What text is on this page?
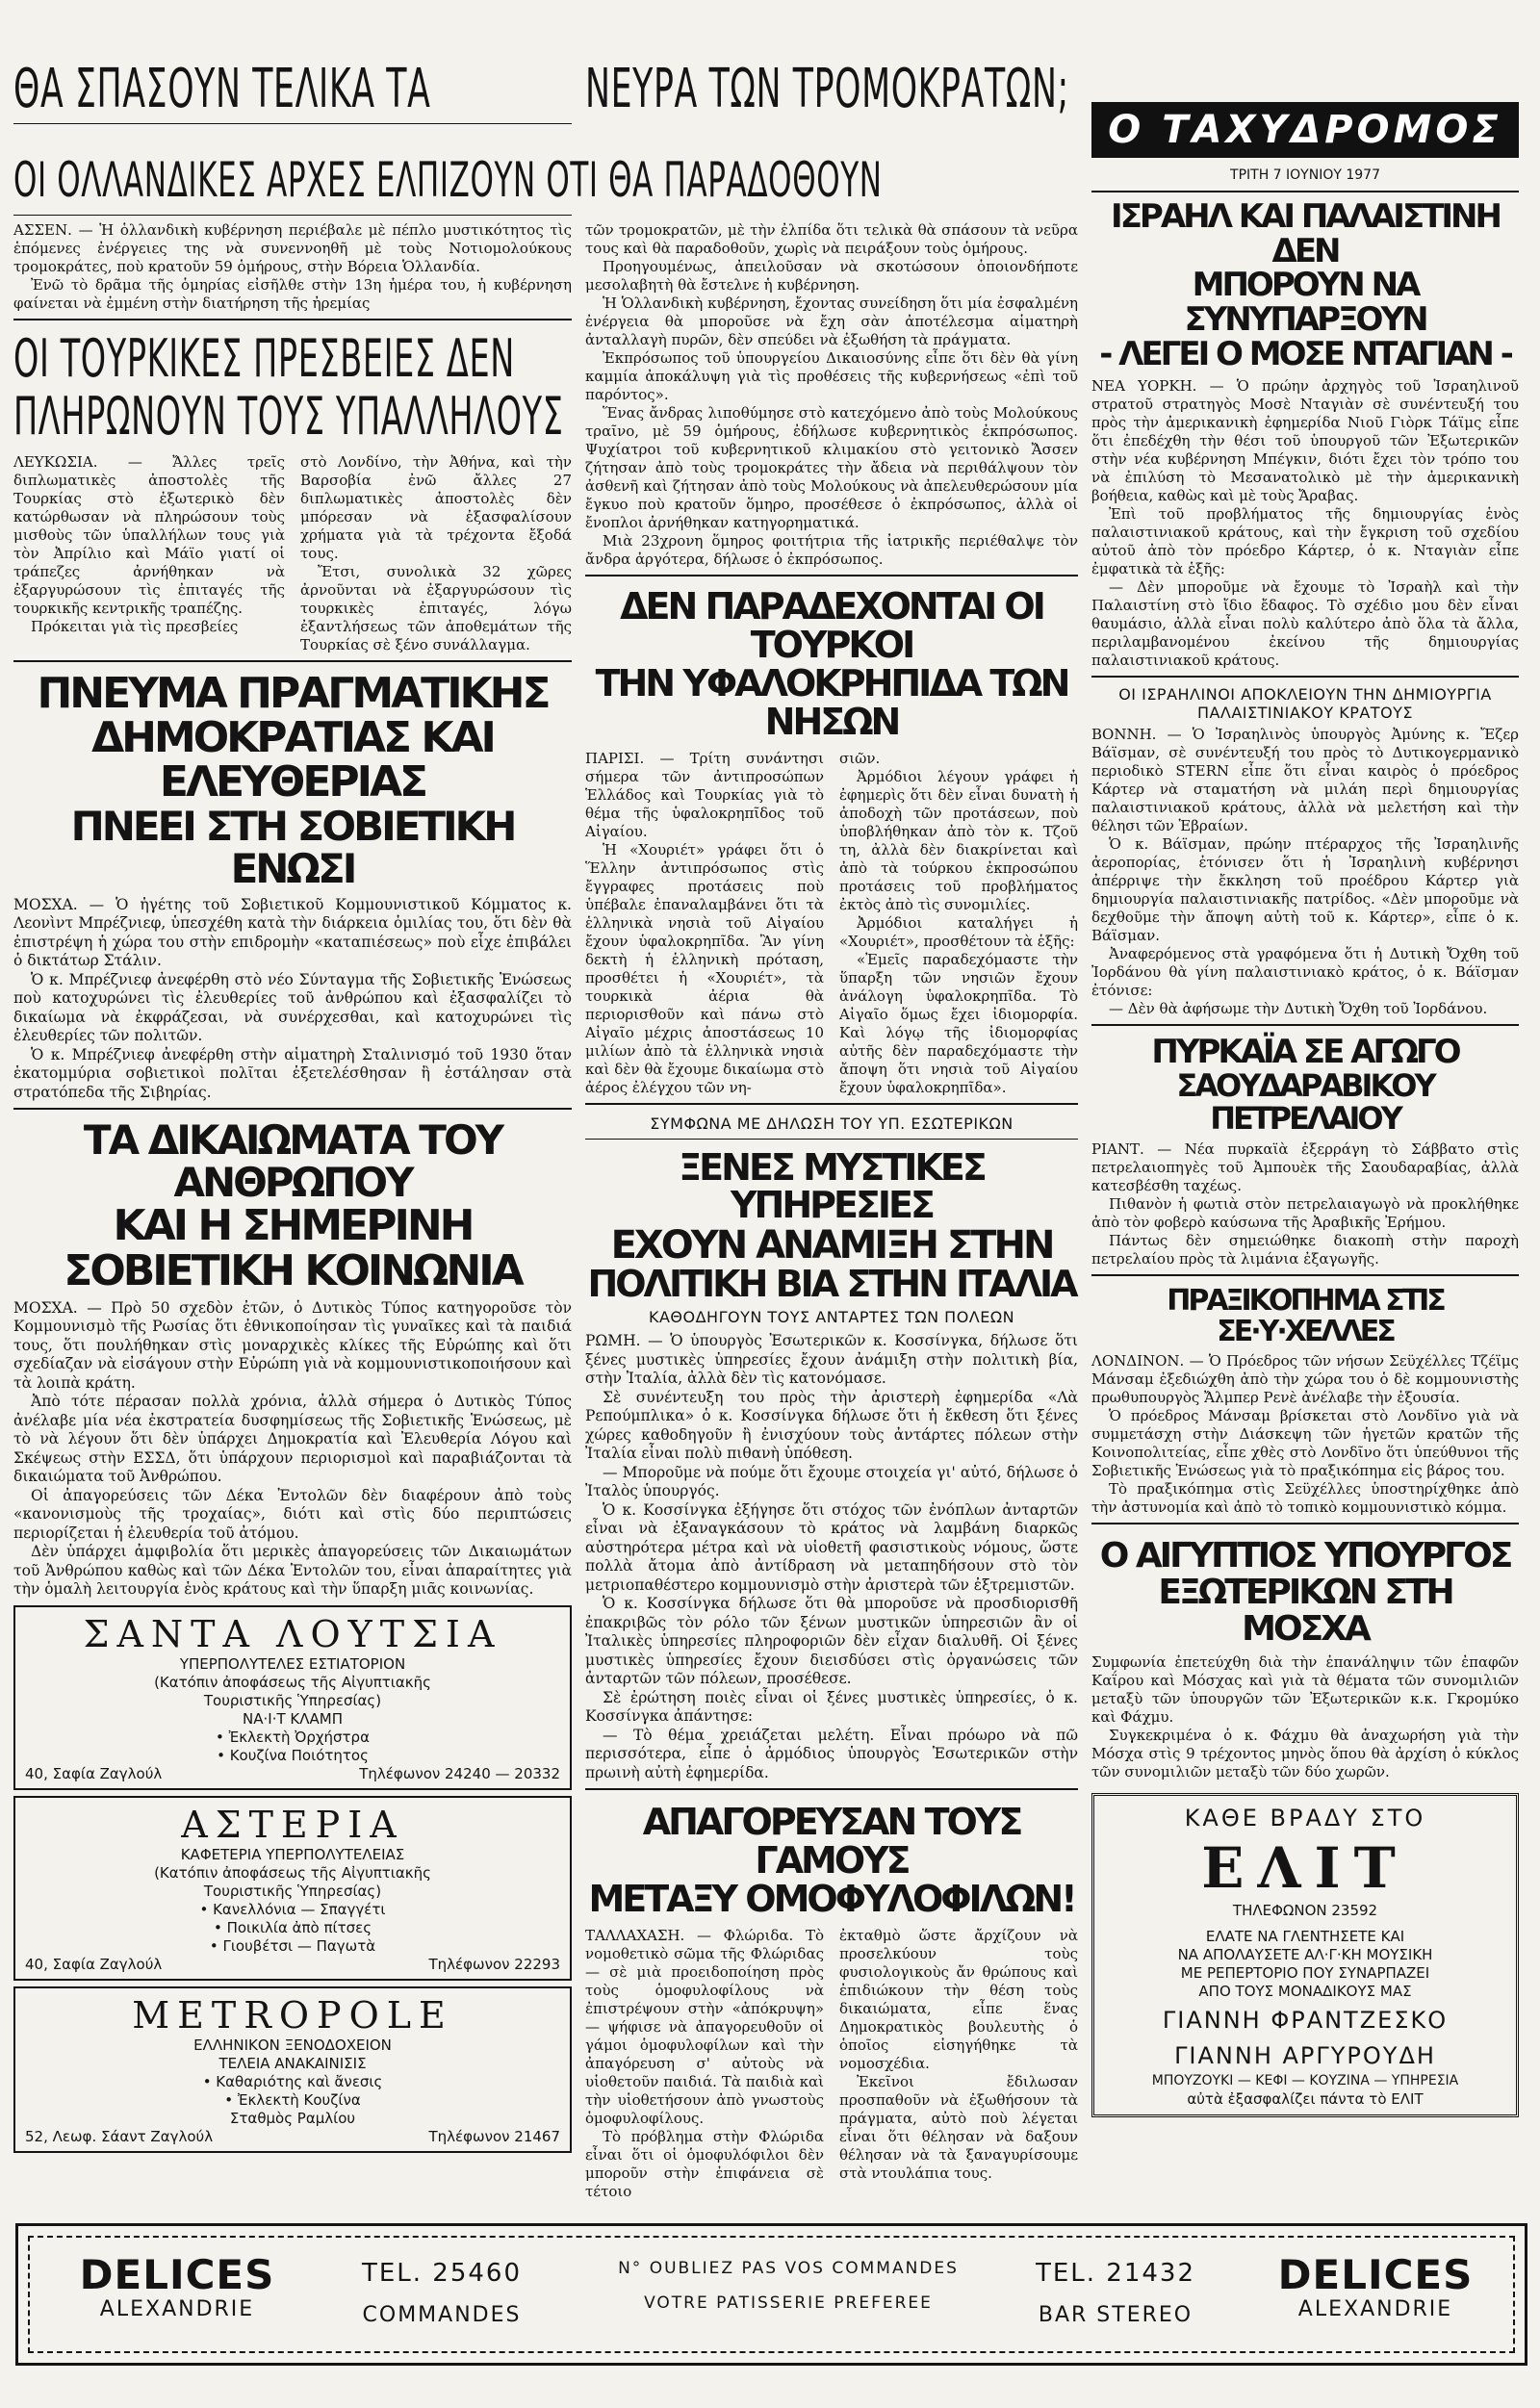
ΘΑ ΣΠΑΣΟΥΝ ΤΕΛΙΚΑ ΤΑ
ΟΙ ΟΛΛΑΝΔΙΚΕΣ ΑΡΧΕΣ ΕΛΠΙΖΟΥΝ ΟΤΙ ΘΑ ΠΑΡΑΔΟΘΟΥΝ

ΑΣΣΕΝ. — Ἡ ὁλλανδικὴ κυβέρνηση περιέβαλε μὲ πέπλο μυστικότητος τὶς ἑπόμενες ἐνέργειες της νὰ συνεννοηθῆ μὲ τοὺς Νοτιομολούκους τρομοκράτες, ποὺ κρατοῦν 59 ὁμήρους, στὴν Βόρεια Ὁλλανδία.

Ἐνῶ τὸ δρᾶμα τῆς ὁμηρίας εἰσῆλθε στὴν 13η ἡμέρα του, ἡ κυβέρνηση φαίνεται νὰ ἐμμένη στὴν διατήρηση τῆς ἠρεμίας

ΟΙ ΤΟΥΡΚΙΚΕΣ ΠΡΕΣΒΕΙΕΣ ΔΕΝ
ΠΛΗΡΩΝΟΥΝ ΤΟΥΣ ΥΠΑΛΛΗΛΟΥΣ

ΛΕΥΚΩΣΙΑ. — Ἄλλες τρεῖς διπλωματικὲς ἀποστολὲς τῆς Τουρκίας στὸ ἐξωτερικὸ δὲν κατώρθωσαν νὰ πληρώσουν τοὺς μισθοὺς τῶν ὑπαλλήλων τους γιὰ τὸν Ἀπρίλιο καὶ Μάϊο γιατί οἱ τράπεζες ἀρνήθηκαν νὰ ἐξαργυρώσουν τὶς ἐπιταγές τῆς τουρκικῆς κεντρικῆς τραπέζης.

Πρόκειται γιὰ τὶς πρεσβείες

στὸ Λονδίνο, τὴν Ἀθήνα, καὶ τὴν Βαρσοβία ἐνῶ ἄλλες 27 διπλωματικὲς ἀποστολὲς δὲν μπόρεσαν νὰ ἐξασφαλίσουν χρήματα γιὰ τὰ τρέχοντα ἔξοδά τους.

Ἔτσι, συνολικὰ 32 χῶρες ἀρνοῦνται νὰ ἐξαργυρώσουν τὶς τουρκικὲς ἐπιταγές, λόγω ἐξαντλήσεως τῶν ἀποθεμάτων τῆς Τουρκίας σὲ ξένο συνάλλαγμα.

ΠΝΕΥΜΑ ΠΡΑΓΜΑΤΙΚΗΣ
ΔΗΜΟΚΡΑΤΙΑΣ ΚΑΙ ΕΛΕΥΘΕΡΙΑΣ
ΠΝΕΕΙ ΣΤΗ ΣΟΒΙΕΤΙΚΗ ΕΝΩΣΙ

ΜΟΣΧΑ. — Ὁ ἡγέτης τοῦ Σοβιετικοῦ Κομμουνιστικοῦ Κόμματος κ. Λεονὶντ Μπρέζνιεφ, ὑπεσχέθη κατὰ τὴν διάρκεια ὁμιλίας του, ὅτι δὲν θὰ ἐπιστρέψη ἡ χώρα του στὴν επιδρομὴν «καταπιέσεως» ποὺ εἶχε ἐπιβάλει ὁ δικτάτωρ Στάλιν.

Ὁ κ. Μπρέζνιεφ ἀνεφέρθη στὸ νέο Σύνταγμα τῆς Σοβιετικῆς Ἑνώσεως ποὺ κατοχυρώνει τὶς ἐλευθερίες τοῦ ἀνθρώπου καὶ ἐξασφαλίζει τὸ δικαίωμα νὰ ἐκφράζεσαι, νὰ συνέρχεσθαι, καὶ κατοχυρώνει τὶς ἐλευθερίες τῶν πολιτῶν.

Ὁ κ. Μπρέζνιεφ ἀνεφέρθη στὴν αἱματηρὴ Σταλινισμό τοῦ 1930 ὅταν ἑκατομμύρια σοβιετικοὶ πολῖται ἐξετελέσθησαν ἢ ἐστάλησαν στὰ στρατόπεδα τῆς Σιβηρίας.

ΤΑ ΔΙΚΑΙΩΜΑΤΑ ΤΟΥ ΑΝΘΡΩΠΟΥ
ΚΑΙ Η ΣΗΜΕΡΙΝΗ
ΣΟΒΙΕΤΙΚΗ ΚΟΙΝΩΝΙΑ

ΜΟΣΧΑ. — Πρὸ 50 σχεδὸν ἐτῶν, ὁ Δυτικὸς Τύπος κατηγοροῦσε τὸν Κομμουνισμὸ τῆς Ρωσίας ὅτι ἐθνικοποίησαν τὶς γυναῖκες καὶ τὰ παιδιά τους, ὅτι πουλήθηκαν στὶς μοναρχικὲς κλίκες τῆς Εὐρώπης καὶ ὅτι σχεδίαζαν νὰ εἰσάγουν στὴν Εὐρώπη γιὰ νὰ κομμουνιστικοποιήσουν καὶ τὰ λοιπὰ κράτη.

Ἀπὸ τότε πέρασαν πολλὰ χρόνια, ἀλλὰ σήμερα ὁ Δυτικὸς Τύπος ἀνέλαβε μία νέα ἐκστρατεία δυσφημίσεως τῆς Σοβιετικῆς Ἑνώσεως, μὲ τὸ νὰ λέγουν ὅτι δὲν ὑπάρχει Δημοκρατία καὶ Ἐλευθερία Λόγου καὶ Σκέψεως στὴν ΕΣΣΔ, ὅτι ὑπάρχουν περιορισμοὶ καὶ παραβιάζονται τὰ δικαιώματα τοῦ Ἀνθρώπου.

Οἱ ἀπαγορεύσεις τῶν Δέκα Ἐντολῶν δὲν διαφέρουν ἀπὸ τοὺς «κανονισμοὺς τῆς τροχαίας», διότι καὶ στὶς δύο περιπτώσεις περιορίζεται ἡ ἐλευθερία τοῦ ἀτόμου.

Δὲν ὑπάρχει ἀμφιβολία ὅτι μερικὲς ἀπαγορεύσεις τῶν Δικαιωμάτων τοῦ Ἀνθρώπου καθὼς καὶ τῶν Δέκα Ἐντολῶν του, εἶναι ἀπαραίτητες γιὰ τὴν ὁμαλὴ λειτουργία ἑνὸς κράτους καὶ τὴν ὕπαρξη μιᾶς κοινωνίας.

ΣΑΝΤΑ ΛΟΥΤΣΙΑ
ΥΠΕΡΠΟΛΥΤΕΛΕΣ ΕΣΤΙΑΤΟΡΙΟΝ
(Κατόπιν ἀποφάσεως τῆς Αἰγυπτιακῆς
Τουριστικῆς Ὑπηρεσίας)
ΝΑ·Ι·Τ ΚΛΑΜΠ
• Ἐκλεκτὴ Ὀρχήστρα
• Κουζίνα Ποιότητος
40, Σαφία Ζαγλούλ	Τηλέφωνον 24240 — 20332
ΑΣΤΕΡΙΑ
ΚΑΦΕΤΕΡΙΑ ΥΠΕΡΠΟΛΥΤΕΛΕΙΑΣ
(Κατόπιν ἀποφάσεως τῆς Αἰγυπτιακῆς
Τουριστικῆς Ὑπηρεσίας)
• Κανελλόνια — Σπαγγέτι
• Ποικιλία ἀπὸ πίτσες
• Γιουβέτσι — Παγωτὰ
40, Σαφία Ζαγλούλ	Τηλέφωνον 22293
METROPOLE
ΕΛΛΗΝΙΚΟΝ ΞΕΝΟΔΟΧΕΙΟΝ
ΤΕΛΕΙΑ ΑΝΑΚΑΙΝΙΣΙΣ
• Καθαριότης καὶ ἄνεσις
• Ἐκλεκτὴ Κουζίνα
Σταθμὸς Ραμλίου
52, Λεωφ. Σάαντ Ζαγλούλ	Τηλέφωνον 21467
ΝΕΥΡΑ ΤΩΝ ΤΡΟΜΟΚΡΑΤΩΝ;

τῶν τρομοκρατῶν, μὲ τὴν ἐλπίδα ὅτι τελικὰ θὰ σπάσουν τὰ νεῦρα τους καὶ θὰ παραδοθοῦν, χωρὶς νὰ πειράξουν τοὺς ὁμήρους.

Προηγουμένως, ἀπειλοῦσαν νὰ σκοτώσουν ὁποιονδήποτε μεσολαβητὴ θὰ ἔστελνε ἡ κυβέρνηση.

Ἡ Ὁλλανδικὴ κυβέρνηση, ἔχοντας συνείδηση ὅτι μία ἐσφαλμένη ἐνέργεια θὰ μποροῦσε νὰ ἔχη σὰν ἀποτέλεσμα αἱματηρὴ ἀνταλλαγὴ πυρῶν, δὲν σπεύδει νὰ ἐξωθήση τὰ πράγματα.

Ἐκπρόσωπος τοῦ ὑπουργείου Δικαιοσύνης εἶπε ὅτι δὲν θὰ γίνη καμμία ἀποκάλυψη γιὰ τὶς προθέσεις τῆς κυβερνήσεως «ἐπὶ τοῦ παρόντος».

Ἕνας ἄνδρας λιποθύμησε στὸ κατεχόμενο ἀπὸ τοὺς Μολούκους τραῖνο, μὲ 59 ὁμήρους, ἐδήλωσε κυβερνητικὸς ἐκπρόσωπος. Ψυχίατροι τοῦ κυβερνητικοῦ κλιμακίου στὸ γειτονικὸ Ἄσσεν ζήτησαν ἀπὸ τοὺς τρομοκράτες τὴν ἄδεια νὰ περιθάλψουν τὸν ἀσθενῆ καὶ ζήτησαν ἀπὸ τοὺς Μολούκους νὰ ἀπελευθερώσουν μία ἔγκυο ποὺ κρατοῦν ὅμηρο, προσέθεσε ὁ ἐκπρόσωπος, ἀλλὰ οἱ ἔνοπλοι ἀρνήθηκαν κατηγορηματικά.

Μιὰ 23χρονη ὅμηρος φοιτήτρια τῆς ἰατρικῆς περιέθαλψε τὸν ἄνδρα ἀργότερα, δήλωσε ὁ ἐκπρόσωπος.

ΔΕΝ ΠΑΡΑΔΕΧΟΝΤΑΙ ΟΙ ΤΟΥΡΚΟΙ
ΤΗΝ ΥΦΑΛΟΚΡΗΠΙΔΑ ΤΩΝ ΝΗΣΩΝ

ΠΑΡΙΣΙ. — Τρίτη συνάντησι σήμερα τῶν ἀντιπροσώπων Ἑλλάδος καὶ Τουρκίας γιὰ τὸ θέμα τῆς ὑφαλοκρηπῖδος τοῦ Αἰγαίου.

Ἡ «Χουριέτ» γράφει ὅτι ὁ Ἕλλην ἀντιπρόσωπος στὶς ἔγγραφες προτάσεις ποὺ ὑπέβαλε ἐπαναλαμβάνει ὅτι τὰ ἑλληνικὰ νησιὰ τοῦ Αἰγαίου ἔχουν ὑφαλοκρηπῖδα. Ἂν γίνη δεκτὴ ἡ ἑλληνικὴ πρόταση, προσθέτει ἡ «Χουριέτ», τὰ τουρκικὰ ἀέρια θὰ περιορισθοῦν καὶ πάνω στὸ Αἰγαῖο μέχρις ἀποστάσεως 10 μιλίων ἀπὸ τὰ ἑλληνικὰ νησιὰ καὶ δὲν θὰ ἔχουμε δικαίωμα στὸ ἀέρος ἐλέγχου τῶν νη-

σιῶν.

Ἀρμόδιοι λέγουν γράφει ἡ ἐφημερὶς ὅτι δὲν εἶναι δυνατὴ ἡ ἀποδοχὴ τῶν προτάσεων, ποὺ ὑποβλήθηκαν ἀπὸ τὸν κ. Τζοῦ τη, ἀλλὰ δὲν διακρίνεται καὶ ἀπὸ τὰ τούρκου ἐκπροσώπου προτάσεις τοῦ προβλήματος ἐκτὸς ἀπὸ τὶς συνομιλίες.

Ἀρμόδιοι καταλήγει ἡ «Χουριέτ», προσθέτουν τὰ ἑξῆς:

«Ἐμεῖς παραδεχόμαστε τὴν ὕπαρξη τῶν νησιῶν ἔχουν ἀνάλογη ὑφαλοκρηπῖδα. Τὸ Αἰγαῖο ὅμως ἔχει ἰδιομορφία. Καὶ λόγῳ τῆς ἰδιομορφίας αὐτῆς δὲν παραδεχόμαστε τὴν ἄποψη ὅτι νησιὰ τοῦ Αἰγαίου ἔχουν ὑφαλοκρηπῖδα».

ΣΥΜΦΩΝΑ ΜΕ ΔΗΛΩΣΗ ΤΟΥ ΥΠ. ΕΣΩΤΕΡΙΚΩΝ
ΞΕΝΕΣ ΜΥΣΤΙΚΕΣ ΥΠΗΡΕΣΙΕΣ
ΕΧΟΥΝ ΑΝΑΜΙΞΗ ΣΤΗΝ
ΠΟΛΙΤΙΚΗ ΒΙΑ ΣΤΗΝ ΙΤΑΛΙΑ
ΚΑΘΟΔΗΓΟΥΝ ΤΟΥΣ ΑΝΤΑΡΤΕΣ ΤΩΝ ΠΟΛΕΩΝ

ΡΩΜΗ. — Ὁ ὑπουργὸς Ἐσωτερικῶν κ. Κοσσίνγκα, δήλωσε ὅτι ξένες μυστικὲς ὑπηρεσίες ἔχουν ἀνάμιξη στὴν πολιτικὴ βία, στὴν Ἰταλία, ἀλλὰ δὲν τὶς κατονόμασε.

Σὲ συνέντευξη του πρὸς τὴν ἀριστερὴ ἐφημερίδα «Λὰ Ρεπούμπλικα» ὁ κ. Κοσσίνγκα δήλωσε ὅτι ἡ ἔκθεση ὅτι ξένες χώρες καθοδηγοῦν ἢ ἐνισχύουν τοὺς ἀντάρτες πόλεων στὴν Ἰταλία εἶναι πολὺ πιθανὴ ὑπόθεση.

— Μποροῦμε νὰ πούμε ὅτι ἔχουμε στοιχεία γι' αὐτό, δήλωσε ὁ Ἰταλὸς ὑπουργός.

Ὁ κ. Κοσσίνγκα ἐξήγησε ὅτι στόχος τῶν ἐνόπλων ἀνταρτῶν εἶναι νὰ ἐξαναγκάσουν τὸ κράτος νὰ λαμβάνη διαρκῶς αὐστηρότερα μέτρα καὶ νὰ υἱοθετῆ φασιστικοὺς νόμους, ὥστε πολλὰ ἄτομα ἀπὸ ἀντίδραση νὰ μεταπηδήσουν στὸ τὸν μετριοπαθέστερο κομμουνισμὸ στὴν ἀριστερὰ τῶν ἐξτρεμιστῶν.

Ὁ κ. Κοσσίνγκα δήλωσε ὅτι θὰ μποροῦσε νὰ προσδιορισθῆ ἐπακριβῶς τὸν ρόλο τῶν ξένων μυστικῶν ὑπηρεσιῶν ἂν οἱ Ἰταλικὲς ὑπηρεσίες πληροφοριῶν δὲν εἶχαν διαλυθῆ. Οἱ ξένες μυστικὲς ὑπηρεσίες ἔχουν διεισδύσει στὶς ὀργανώσεις τῶν ἀνταρτῶν τῶν πόλεων, προσέθεσε.

Σὲ ἐρώτηση ποιὲς εἶναι οἱ ξένες μυστικὲς ὑπηρεσίες, ὁ κ. Κοσσίνγκα ἀπάντησε:

— Τὸ θέμα χρειάζεται μελέτη. Εἶναι πρόωρο νὰ πῶ περισσότερα, εἶπε ὁ ἀρμόδιος ὑπουργὸς Ἐσωτερικῶν στὴν πρωινὴ αὐτὴ ἐφημερίδα.

ΑΠΑΓΟΡΕΥΣΑΝ ΤΟΥΣ ΓΑΜΟΥΣ
ΜΕΤΑΞΥ ΟΜΟΦΥΛΟΦΙΛΩΝ!

ΤΑΛΛΑΧΑΣΗ. — Φλώριδα. Τὸ νομοθετικὸ σῶμα τῆς Φλώριδας — σὲ μιὰ προειδοποίηση πρὸς τοὺς ὁμοφυλοφίλους νὰ ἐπιστρέψουν στὴν «ἀπόκρυψη» — ψήφισε νὰ ἀπαγορευθοῦν οἱ γάμοι ὁμοφυλοφίλων καὶ τὴν ἀπαγόρευση σ' αὐτοὺς νὰ υἱοθετοῦν παιδιά. Τὰ παιδιὰ καὶ τὴν υἱοθετήσουν ἀπὸ γνωστοὺς ὁμοφυλοφίλους.

Τὸ πρόβλημα στὴν Φλώριδα εἶναι ὅτι οἱ ὁμοφυλόφιλοι δὲν μποροῦν στὴν ἐπιφάνεια σὲ τέτοιο

ἐκταθμὸ ὥστε ἄρχίζουν νὰ προσελκύουν τοὺς φυσιολογικοὺς ἄν θρώπους καὶ ἐπιδιώκουν τὴν θέση τοὺς δικαιώματα, εἶπε ἕνας Δημοκρατικὸς βουλευτὴς ὁ ὁποῖος εἰσηγήθηκε τὰ νομοσχέδια.

Ἐκεῖνοι ἔδιλωσαν προσπαθοῦν νὰ ἐξωθήσουν τὰ πράγματα, αὐτὸ ποὺ λέγεται εἶναι ὅτι θέλησαν νὰ δαξουν θέλησαν νὰ τὰ ξαναγυρίσουμε στὰ ντουλάπια τους.

Ο ΤΑΧΥΔΡΟΜΟΣ
ΤΡΙΤΗ 7 ΙΟΥΝΙΟΥ 1977
ΙΣΡΑΗΛ ΚΑΙ ΠΑΛΑΙΣΤΙΝΗ ΔΕΝ
ΜΠΟΡΟΥΝ ΝΑ ΣΥΝΥΠΑΡΞΟΥΝ
- ΛΕΓΕΙ Ο ΜΟΣΕ ΝΤΑΓΙΑΝ -

ΝΕΑ ΥΟΡΚΗ. — Ὁ πρώην ἀρχηγὸς τοῦ Ἰσραηλινοῦ στρατοῦ στρατηγὸς Μοσὲ Νταγιὰν σὲ συνέντευξή του πρὸς τὴν ἀμερικανικὴ ἐφημερίδα Νιοῦ Γιὸρκ Τάϊμς εἶπε ὅτι ἐπεδέχθη τὴν θέσι τοῦ ὑπουργοῦ τῶν Ἐξωτερικῶν στὴν νέα κυβέρνηση Μπέγκιν, διότι ἔχει τὸν τρόπο του νὰ ἐπιλύση τὸ Μεσανατολικὸ μὲ τὴν ἀμερικανικὴ βοήθεια, καθὼς καὶ μὲ τοὺς Ἄραβας.

Ἐπὶ τοῦ προβλήματος τῆς δημιουργίας ἑνὸς παλαιστινιακοῦ κράτους, καὶ τὴν ἔγκριση τοῦ σχεδίου αὐτοῦ ἀπὸ τὸν πρόεδρο Κάρτερ, ὁ κ. Νταγιὰν εἶπε ἐμφατικὰ τὰ ἑξῆς:

— Δὲν μποροῦμε νὰ ἔχουμε τὸ Ἰσραὴλ καὶ τὴν Παλαιστίνη στὸ ἴδιο ἔδαφος. Τὸ σχέδιο μου δὲν εἶναι θαυμάσιο, ἀλλὰ εἶναι πολὺ καλύτερο ἀπὸ ὅλα τὰ ἄλλα, περιλαμβανομένου ἐκείνου τῆς δημιουργίας παλαιστινιακοῦ κράτους.

ΟΙ ΙΣΡΑΗΛΙΝΟΙ ΑΠΟΚΛΕΙΟΥΝ ΤΗΝ ΔΗΜΙΟΥΡΓΙΑ ΠΑΛΑΙΣΤΙΝΙΑΚΟΥ ΚΡΑΤΟΥΣ

ΒΟΝΝΗ. — Ὁ Ἰσραηλινὸς ὑπουργὸς Ἀμύνης κ. Ἔζερ Βάϊσμαν, σὲ συνέντευξή του πρὸς τὸ Δυτικογερμανικὸ περιοδικὸ STERN εἶπε ὅτι εἶναι καιρὸς ὁ πρόεδρος Κάρτερ νὰ σταματήση νὰ μιλάη περὶ δημιουργίας παλαιστινιακοῦ κράτους, ἀλλὰ νὰ μελετήση καὶ τὴν θέλησι τῶν Ἑβραίων.

Ὁ κ. Βάϊσμαν, πρώην πτέραρχος τῆς Ἰσραηλινῆς ἀεροπορίας, ἐτόνισεν ὅτι ἡ Ἰσραηλινὴ κυβέρνησι ἀπέρριψε τὴν ἔκκληση τοῦ προέδρου Κάρτερ γιὰ δημιουργία παλαιστινιακῆς πατρίδος. «Δὲν μποροῦμε νὰ δεχθοῦμε τὴν ἄποψη αὐτὴ τοῦ κ. Κάρτερ», εἶπε ὁ κ. Βάϊσμαν.

Ἀναφερόμενος στὰ γραφόμενα ὅτι ἡ Δυτικὴ Ὄχθη τοῦ Ἰορδάνου θὰ γίνη παλαιστινιακὸ κράτος, ὁ κ. Βάϊσμαν ἐτόνισε:

— Δὲν θὰ ἀφήσωμε τὴν Δυτικὴ Ὄχθη τοῦ Ἰορδάνου.

ΠΥΡΚΑΪΑ ΣΕ ΑΓΩΓΟ
ΣΑΟΥΔΑΡΑΒΙΚΟΥ ΠΕΤΡΕΛΑΙΟΥ

ΡΙΑΝΤ. — Νέα πυρκαϊὰ ἐξερράγη τὸ Σάββατο στὶς πετρελαιοπηγὲς τοῦ Ἀμπουὲκ τῆς Σαουδαραβίας, ἀλλὰ κατεσβέσθη ταχέως.

Πιθανὸν ἡ φωτιὰ στὸν πετρελαιαγωγὸ νὰ προκλήθηκε ἀπὸ τὸν φοβερὸ καύσωνα τῆς Ἀραβικῆς Ἐρήμου.

Πάντως δὲν σημειώθηκε διακοπὴ στὴν παροχὴ πετρελαίου πρὸς τὰ λιμάνια ἐξαγωγῆς.

ΠΡΑΞΙΚΟΠΗΜΑ ΣΤΙΣ ΣΕ·Υ·ΧΕΛΛΕΣ

ΛΟΝΔΙΝΟΝ. — Ὁ Πρόεδρος τῶν νήσων Σεϋχέλλες Τζέϊμς Μάνσαμ ἐξεδιώχθη ἀπὸ τὴν χώρα του ὁ δὲ κομμουνιστὴς πρωθυπουργὸς Ἄλμπερ Ρενὲ ἀνέλαβε τὴν ἐξουσία.

Ὁ πρόεδρος Μάνσαμ βρίσκεται στὸ Λονδῖνο γιὰ νὰ συμμετάσχη στὴν Διάσκεψη τῶν ἡγετῶν κρατῶν τῆς Κοινοπολιτείας, εἶπε χθὲς στὸ Λονδῖνο ὅτι ὑπεύθυνοι τῆς Σοβιετικῆς Ἑνώσεως γιὰ τὸ πραξικόπημα εἰς βάρος του.

Τὸ πραξικόπημα στὶς Σεϋχέλλες ὑποστηρίχθηκε ἀπὸ τὴν ἀστυνομία καὶ ἀπὸ τὸ τοπικὸ κομμουνιστικὸ κόμμα.

Ο ΑΙΓΥΠΤΙΟΣ ΥΠΟΥΡΓΟΣ
ΕΞΩΤΕΡΙΚΩΝ ΣΤΗ ΜΟΣΧΑ

Συμφωνία ἐπετεύχθη διὰ τὴν ἐπανάληψιν τῶν ἐπαφῶν Καΐρου καὶ Μόσχας καὶ γιὰ τὰ θέματα τῶν συνομιλιῶν μεταξὺ τῶν ὑπουργῶν τῶν Ἐξωτερικῶν κ.κ. Γκρομύκο καὶ Φάχμυ.

Συγκεκριμένα ὁ κ. Φάχμυ θὰ ἀναχωρήση γιὰ τὴν Μόσχα στὶς 9 τρέχοντος μηνὸς ὅπου θὰ ἀρχίση ὁ κύκλος τῶν συνομιλιῶν μεταξὺ τῶν δύο χωρῶν.

ΚΑΘΕ ΒΡΑΔΥ ΣΤΟ
ΕΛΙΤ
ΤΗΛΕΦΩΝΟΝ 23592
ΕΛΑΤΕ ΝΑ ΓΛΕΝΤΗΣΕΤΕ ΚΑΙ
ΝΑ ΑΠΟΛΑΥΣΕΤΕ ΑΛ·Γ·ΚΗ ΜΟΥΣΙΚΗ
ΜΕ ΡΕΠΕΡΤΟΡΙΟ ΠΟΥ ΣΥΝΑΡΠΑΖΕΙ
ΑΠΟ ΤΟΥΣ ΜΟΝΑΔΙΚΟΥΣ ΜΑΣ
ΓΙΑΝΝΗ ΦΡΑΝΤΖΕΣΚΟ
ΓΙΑΝΝΗ ΑΡΓΥΡΟΥΔΗ
ΜΠΟΥΖΟΥΚΙ — ΚΕΦΙ — ΚΟΥΖΙΝΑ — ΥΠΗΡΕΣΙΑ
αὐτὰ ἐξασφαλίζει πάντα τὸ ΕΛΙΤ
DELICES
ALEXANDRIE
TEL. 25460
COMMANDES
N° OUBLIEZ PAS VOS COMMANDES
VOTRE PATISSERIE PREFEREE
TEL. 21432
BAR STEREO
DELICES
ALEXANDRIE
